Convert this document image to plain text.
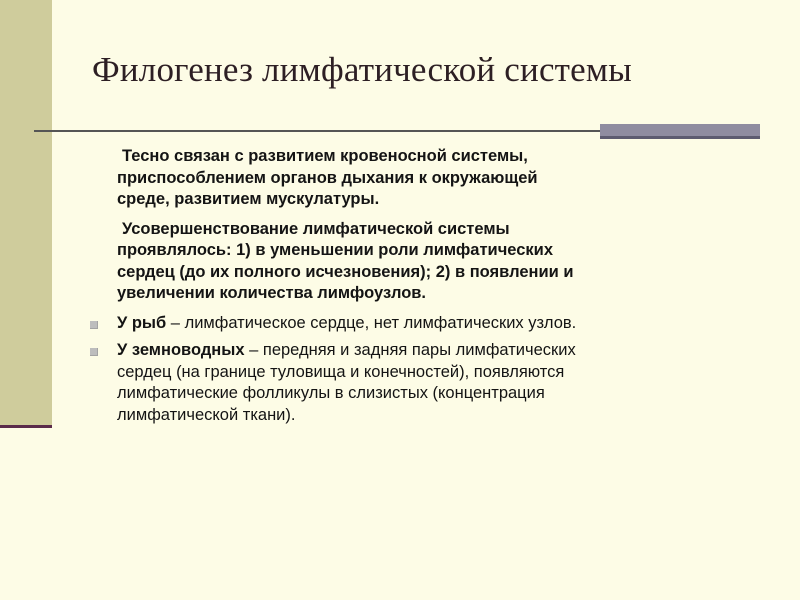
Филогенез лимфатической системы
Тесно связан с развитием кровеносной системы,
приспособлением органов дыхания к окружающей
среде, развитием мускулатуры.
Усовершенствование лимфатической системы
проявлялось: 1) в уменьшении роли лимфатических
сердец (до их полного исчезновения); 2) в появлении и
увеличении количества лимфоузлов.
У рыб – лимфатическое сердце, нет лимфатических узлов.
У земноводных – передняя и задняя пары лимфатических
сердец (на границе туловища и конечностей), появляются
лимфатические фолликулы в слизистых (концентрация
лимфатической ткани).
